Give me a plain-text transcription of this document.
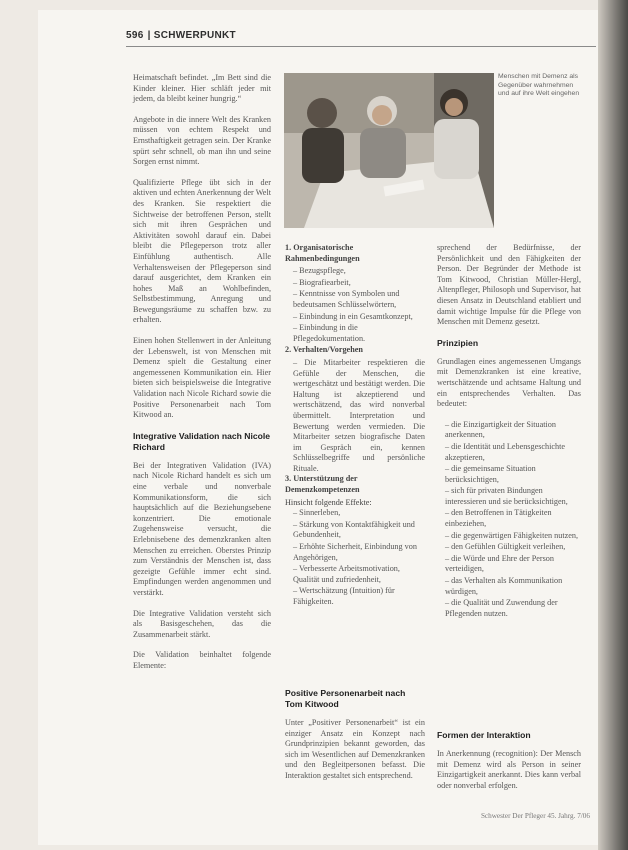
596 | SCHWERPUNKT

Heimatschaft befindet. „Im Bett sind die Kinder kleiner. Hier schläft jeder mit jedem, da bleibt keiner hungrig.“

Angebote in die innere Welt des Kranken müssen von echtem Respekt und Ernsthaftigkeit getragen sein. Der Kranke spürt sehr schnell, ob man ihn und seine Sorgen ernst nimmt.

Qualifizierte Pflege übt sich in der aktiven und echten Anerkennung der Welt des Kranken. Sie respektiert die Sichtweise der betroffenen Person, stellt sich mit ihren Gesprächen und Aktivitäten sowohl darauf ein. Dabei bleibt die Pflegeperson trotz aller Einfühlung authentisch. Alle Verhaltensweisen der Pflegeperson sind darauf ausgerichtet, dem Kranken ein hohes Maß an Wohlbefinden, Selbstbestimmung, Anregung und Bewegungsräume zu schaffen bzw. zu erhalten.

Einen hohen Stellenwert in der Anleitung der Lebenswelt, ist von Menschen mit Demenz spielt die Gestaltung einer angemessenen Kommunikation ein. Hier bieten sich beispielsweise die Integrative Validation nach Nicole Richard sowie die Positive Personenarbeit nach Tom Kitwood an.

Integrative Validation nach Nicole Richard

Bei der Integrativen Validation (IVA) nach Nicole Richard handelt es sich um eine verbale und nonverbale Kommunikationsform, die sich hauptsächlich auf die Beziehungsebene konzentriert. Die emotionale Zugehensweise versucht, die Erlebnisebene des demenzkranken alten Menschen zu erreichen. Oberstes Prinzip zum Verständnis der Menschen ist, dass gezeigte Gefühle immer echt sind. Empfindungen werden angenommen und verstärkt.

Die Integrative Validation versteht sich als Basisgeschehen, das die Zusammenarbeit stärkt.

Die Validation beinhaltet folgende Elemente:

Menschen mit Demenz als Gegenüber wahrnehmen und auf ihre Welt eingehen
1. Organisatorische Rahmenbedingungen
– Bezugspflege,
– Biografiearbeit,
– Kenntnisse von Symbolen und bedeutsamen Schlüsselwörtern,
– Einbindung in ein Gesamtkonzept,
– Einbindung in die Pflegedokumentation.
2. Verhalten/Vorgehen

– Die Mitarbeiter respektieren die Gefühle der Menschen, die wertgeschätzt und bestätigt werden. Die Haltung ist akzeptierend und wertschätzend, das wird nonverbal übermittelt. Interpretation und Bewertung werden vermieden. Die Mitarbeiter setzen biografische Daten im Gespräch ein, kennen Schlüsselbegriffe und persönliche Rituale.

3. Unterstützung der Demenzkompetenzen
Hinsicht folgende Effekte:
– Sinnerleben,
– Stärkung von Kontaktfähigkeit und Gebundenheit,
– Erhöhte Sicherheit, Einbindung von Angehörigen,
– Verbesserte Arbeitsmotivation, Qualität und zufriedenheit,
– Wertschätzung (Intuition) für Fähigkeiten.
Positive Personenarbeit nach Tom Kitwood

Unter „Positiver Personenarbeit“ ist ein einziger Ansatz ein Konzept nach Grundprinzipien bekannt geworden, das sich im Wesentlichen auf Demenzkranken und den Begleitpersonen befasst. Die Interaktion gestaltet sich entsprechend.

sprechend der Bedürfnisse, der Persönlichkeit und den Fähigkeiten der Person. Der Begründer der Methode ist Tom Kitwood, Christian Müller-Hergl, Altenpfleger, Philosoph und Supervisor, hat diesen Ansatz in Deutschland etabliert und damit wichtige Impulse für die Pflege von Menschen mit Demenz gesetzt.

Prinzipien

Grundlagen eines angemessenen Umgangs mit Demenzkranken ist eine kreative, wertschätzende und achtsame Haltung und ein entsprechendes Verhalten. Das bedeutet:

– die Einzigartigkeit der Situation anerkennen,
– die Identität und Lebensgeschichte akzeptieren,
– die gemeinsame Situation berücksichtigen,
– sich für privaten Bindungen interessieren und sie berücksichtigen,
– den Betroffenen in Tätigkeiten einbeziehen,
– die gegenwärtigen Fähigkeiten nutzen,
– den Gefühlen Gültigkeit verleihen,
– die Würde und Ehre der Person verteidigen,
– das Verhalten als Kommunikation würdigen,
– die Qualität und Zuwendung der Pflegenden nutzen.
Formen der Interaktion

In Anerkennung (recognition): Der Mensch mit Demenz wird als Person in seiner Einzigartigkeit anerkannt. Dies kann verbal oder nonverbal erfolgen.

Schwester Der Pfleger 45. Jahrg. 7/06
